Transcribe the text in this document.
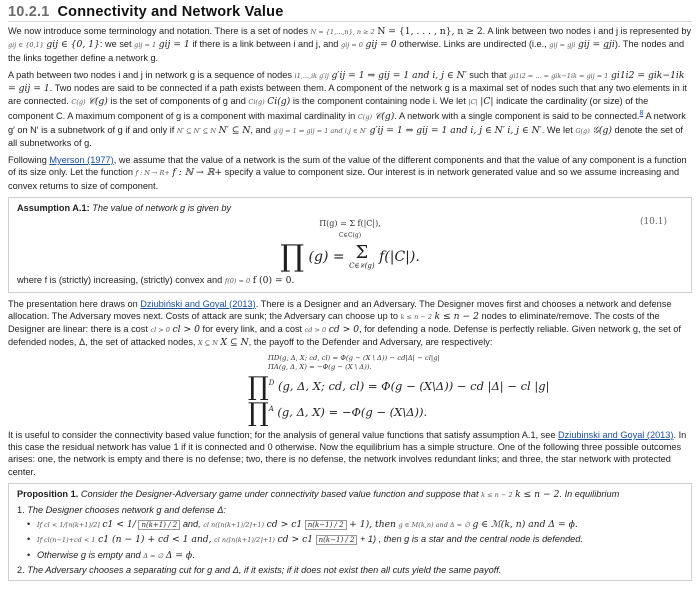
10.2.1 Connectivity and Network Value

We now introduce some terminology and notation. There is a set of nodes N = {1,...,n}, n ≥ 2 N = {1, . . . , n}, n ≥ 2. A link between two nodes i and j is represented by gij ∈ {0,1} gij ∈ {0, 1}: we set gij = 1 gij = 1 if there is a link between i and j, and gij = 0 gij = 0 otherwise. Links are undirected (i.e., gij = gji gij = gji). The nodes and the links together define a network g.

A path between two nodes i and j in network g is a sequence of nodes i1,...,ik g′ij g′ij = 1 ⇒ gij = 1 and i, j ∈ N′ such that gi1i2 = ... = gik−1ik = gij = 1 gi1i2 = gik−1ik = gij = 1. Two nodes are said to be connected if a path exists between them. A component of the network g is a maximal set of nodes such that any two elements in it are connected. C(g) 𝒞(g) is the set of components of g and Ci(g) Ci(g) is the component containing node i. We let |C| |C| indicate the cardinality (or size) of the component C. A maximum component of g is a component with maximal cardinality in C(g) 𝒞(g). A network with a single component is said to be connected.$^8$ A network g′ on N′ is a subnetwork of g if and only if N′ ⊆ N′ ⊆ N N′ ⊆ N, and g′ij = 1 ⇒ gij = 1 and i,j ∈ N′ g′ij = 1 ⇒ gij = 1 and i, j ∈ N′ i, j ∈ N′. We let G(g) 𝒢(g) denote the set of all subnetworks of g.

Following Myerson (1977), we assume that the value of a network is the sum of the value of the different components and that the value of any component is a function of its size only. Let the function f : N → R+ f : ℕ → ℝ+ specify a value to component size. Our interest is in network generated value and so we assume increasing and convex returns to size of component.

Assumption A.1: The value of network g is given by
Π(g) = Σ f(|C|),
C∈C(g)
(10.1)
∏ (g) = Σ
C∈𝒞(g)
f(|C|).
where f is (strictly) increasing, (strictly) convex and f(0) = 0 f (0) = 0.

The presentation here draws on Dziubiński and Goyal (2013). There is a Designer and an Adversary. The Designer moves first and chooses a network and defense allocation. The Adversary moves next. Costs of attack are sunk; the Adversary can choose up to k ≤ n − 2 k ≤ n − 2 nodes to eliminate/remove. The costs of the Designer are linear: there is a cost cl > 0 cl > 0 for every link, and a cost cd > 0 cd > 0, for defending a node. Defense is perfectly reliable. Given network g, the set of defended nodes, Δ, the set of attacked nodes, X ⊆ N X ⊆ N, the payoff to the Defender and Adversary, are respectively:

ΠD(g, Δ, X; cd, cl) = Φ(g − (X \ Δ)) − cd|Δ| − cl|g|
ΠA(g, Δ, X) = −Φ(g − (X \ Δ)).
∏$^D$ (g, Δ, X; cd, cl) = Φ(g − (X\Δ)) − cd |Δ| − cl |g|
∏$^A$ (g, Δ, X) = −Φ(g − (X\Δ)).

It is useful to consider the connectivity based value function; for the analysis of general value functions that satisfy assumption A.1, see Dziubinski and Goyal (2013). In this case the residual network has value 1 if it is connected and 0 otherwise. Now the equilibrium has a simple structure. One of the following three possible outcomes arises: one, the network is empty and there is no defense; two, there is no defense, the network involves redundant links; and three, the star network with protected center.

Proposition 1. Consider the Designer-Adversary game under connectivity based value function and suppose that k ≤ n − 2 k ≤ n − 2. In equilibrium
1. The Designer chooses network g and defense Δ:
• If cl < 1/⌈n(k+1)/2⌉ c1 < 1/ n(k+1) / 2 and, cl n(⌈n(k+1)/2⌉+1) cd > c1 n(k−1) / 2 + 1), then g ∈ M(k,n) and Δ = ∅ g ∈ ℳ(k, n) and Δ = ϕ.
• If cl(n−1)+cd < 1 c1 (n − 1) + cd < 1 and, cl n(⌈n(k+1)/2⌉+1) cd > c1 n(k−1) / 2 + 1) , then g is a star and the central node is defended.
• Otherwise g is empty and Δ = ∅ Δ = ϕ.
2. The Adversary chooses a separating cut for g and Δ, if it exists; if it does not exist then all cuts yield the same payoff.
